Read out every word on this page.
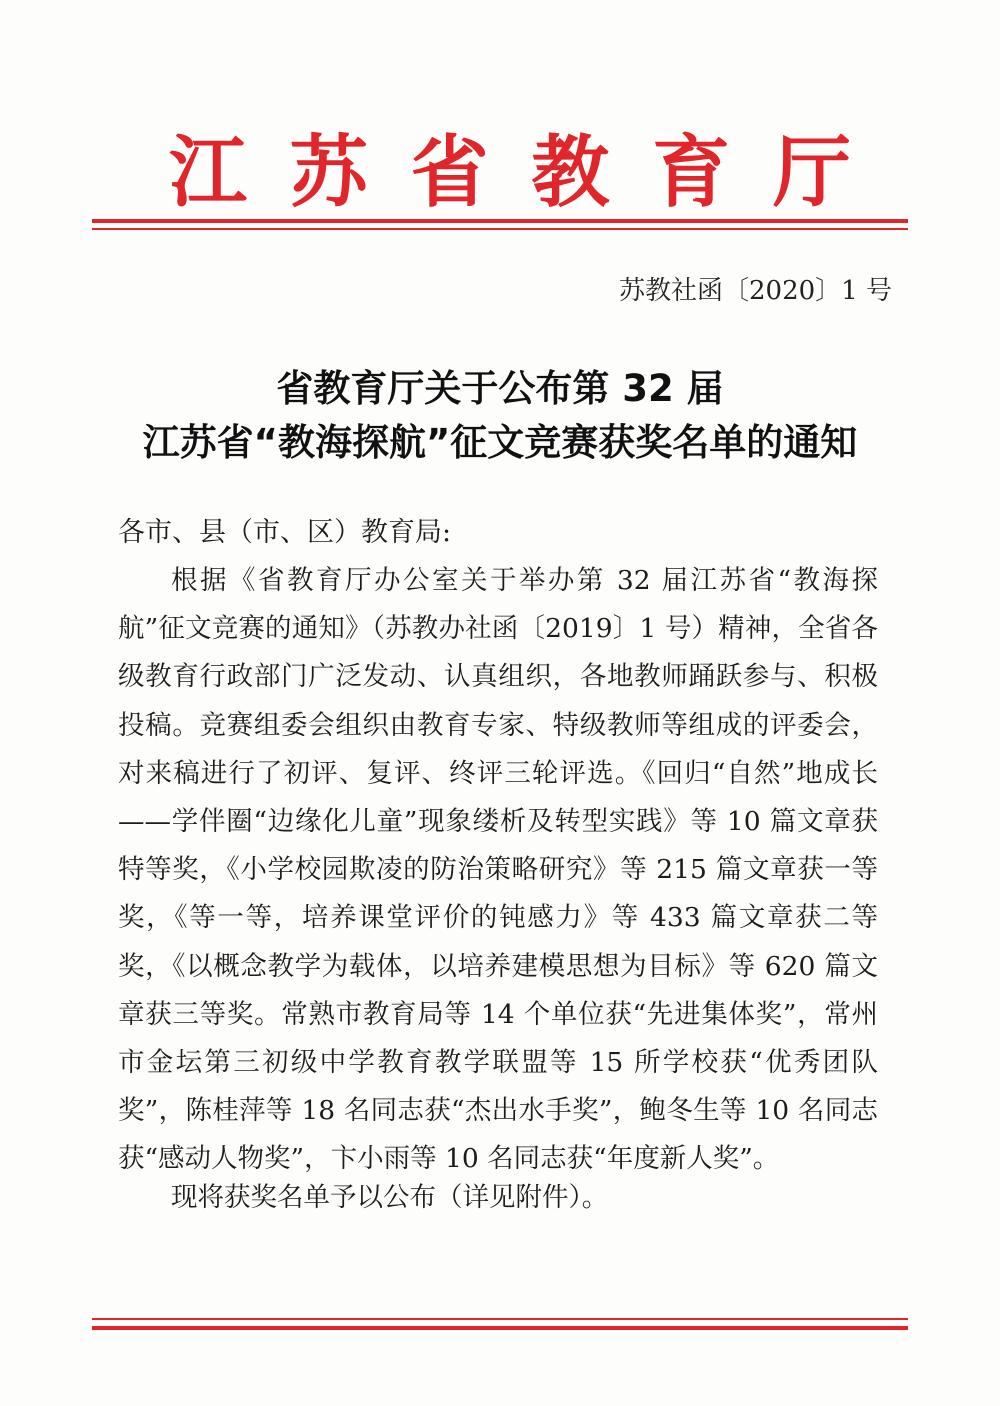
江 苏 省 教 育 厅
苏教社函〔2020〕1 号
省教育厅关于公布第 32 届
江苏省“教海探航”征文竞赛获奖名单的通知
各市、县（市、区）教育局:

根据《省教育厅办公室关于举办第 32 届江苏省“教海探航”征文竞赛的通知》（苏教办社函〔2019〕1 号）精神，全省各级教育行政部门广泛发动、认真组织，各地教师踊跃参与、积极投稿。竞赛组委会组织由教育专家、特级教师等组成的评委会，对来稿进行了初评、复评、终评三轮评选。《回归“自然”地成长——学伴圈“边缘化儿童”现象缕析及转型实践》等 10 篇文章获特等奖，《小学校园欺凌的防治策略研究》等 215 篇文章获一等奖，《等一等，培养课堂评价的钝感力》等 433 篇文章获二等奖，《以概念教学为载体，以培养建模思想为目标》等 620 篇文章获三等奖。常熟市教育局等 14 个单位获“先进集体奖”，常州市金坛第三初级中学教育教学联盟等 15 所学校获“优秀团队奖”，陈桂萍等 18 名同志获“杰出水手奖”，鲍冬生等 10 名同志获“感动人物奖”，卞小雨等 10 名同志获“年度新人奖”。

现将获奖名单予以公布（详见附件）。
